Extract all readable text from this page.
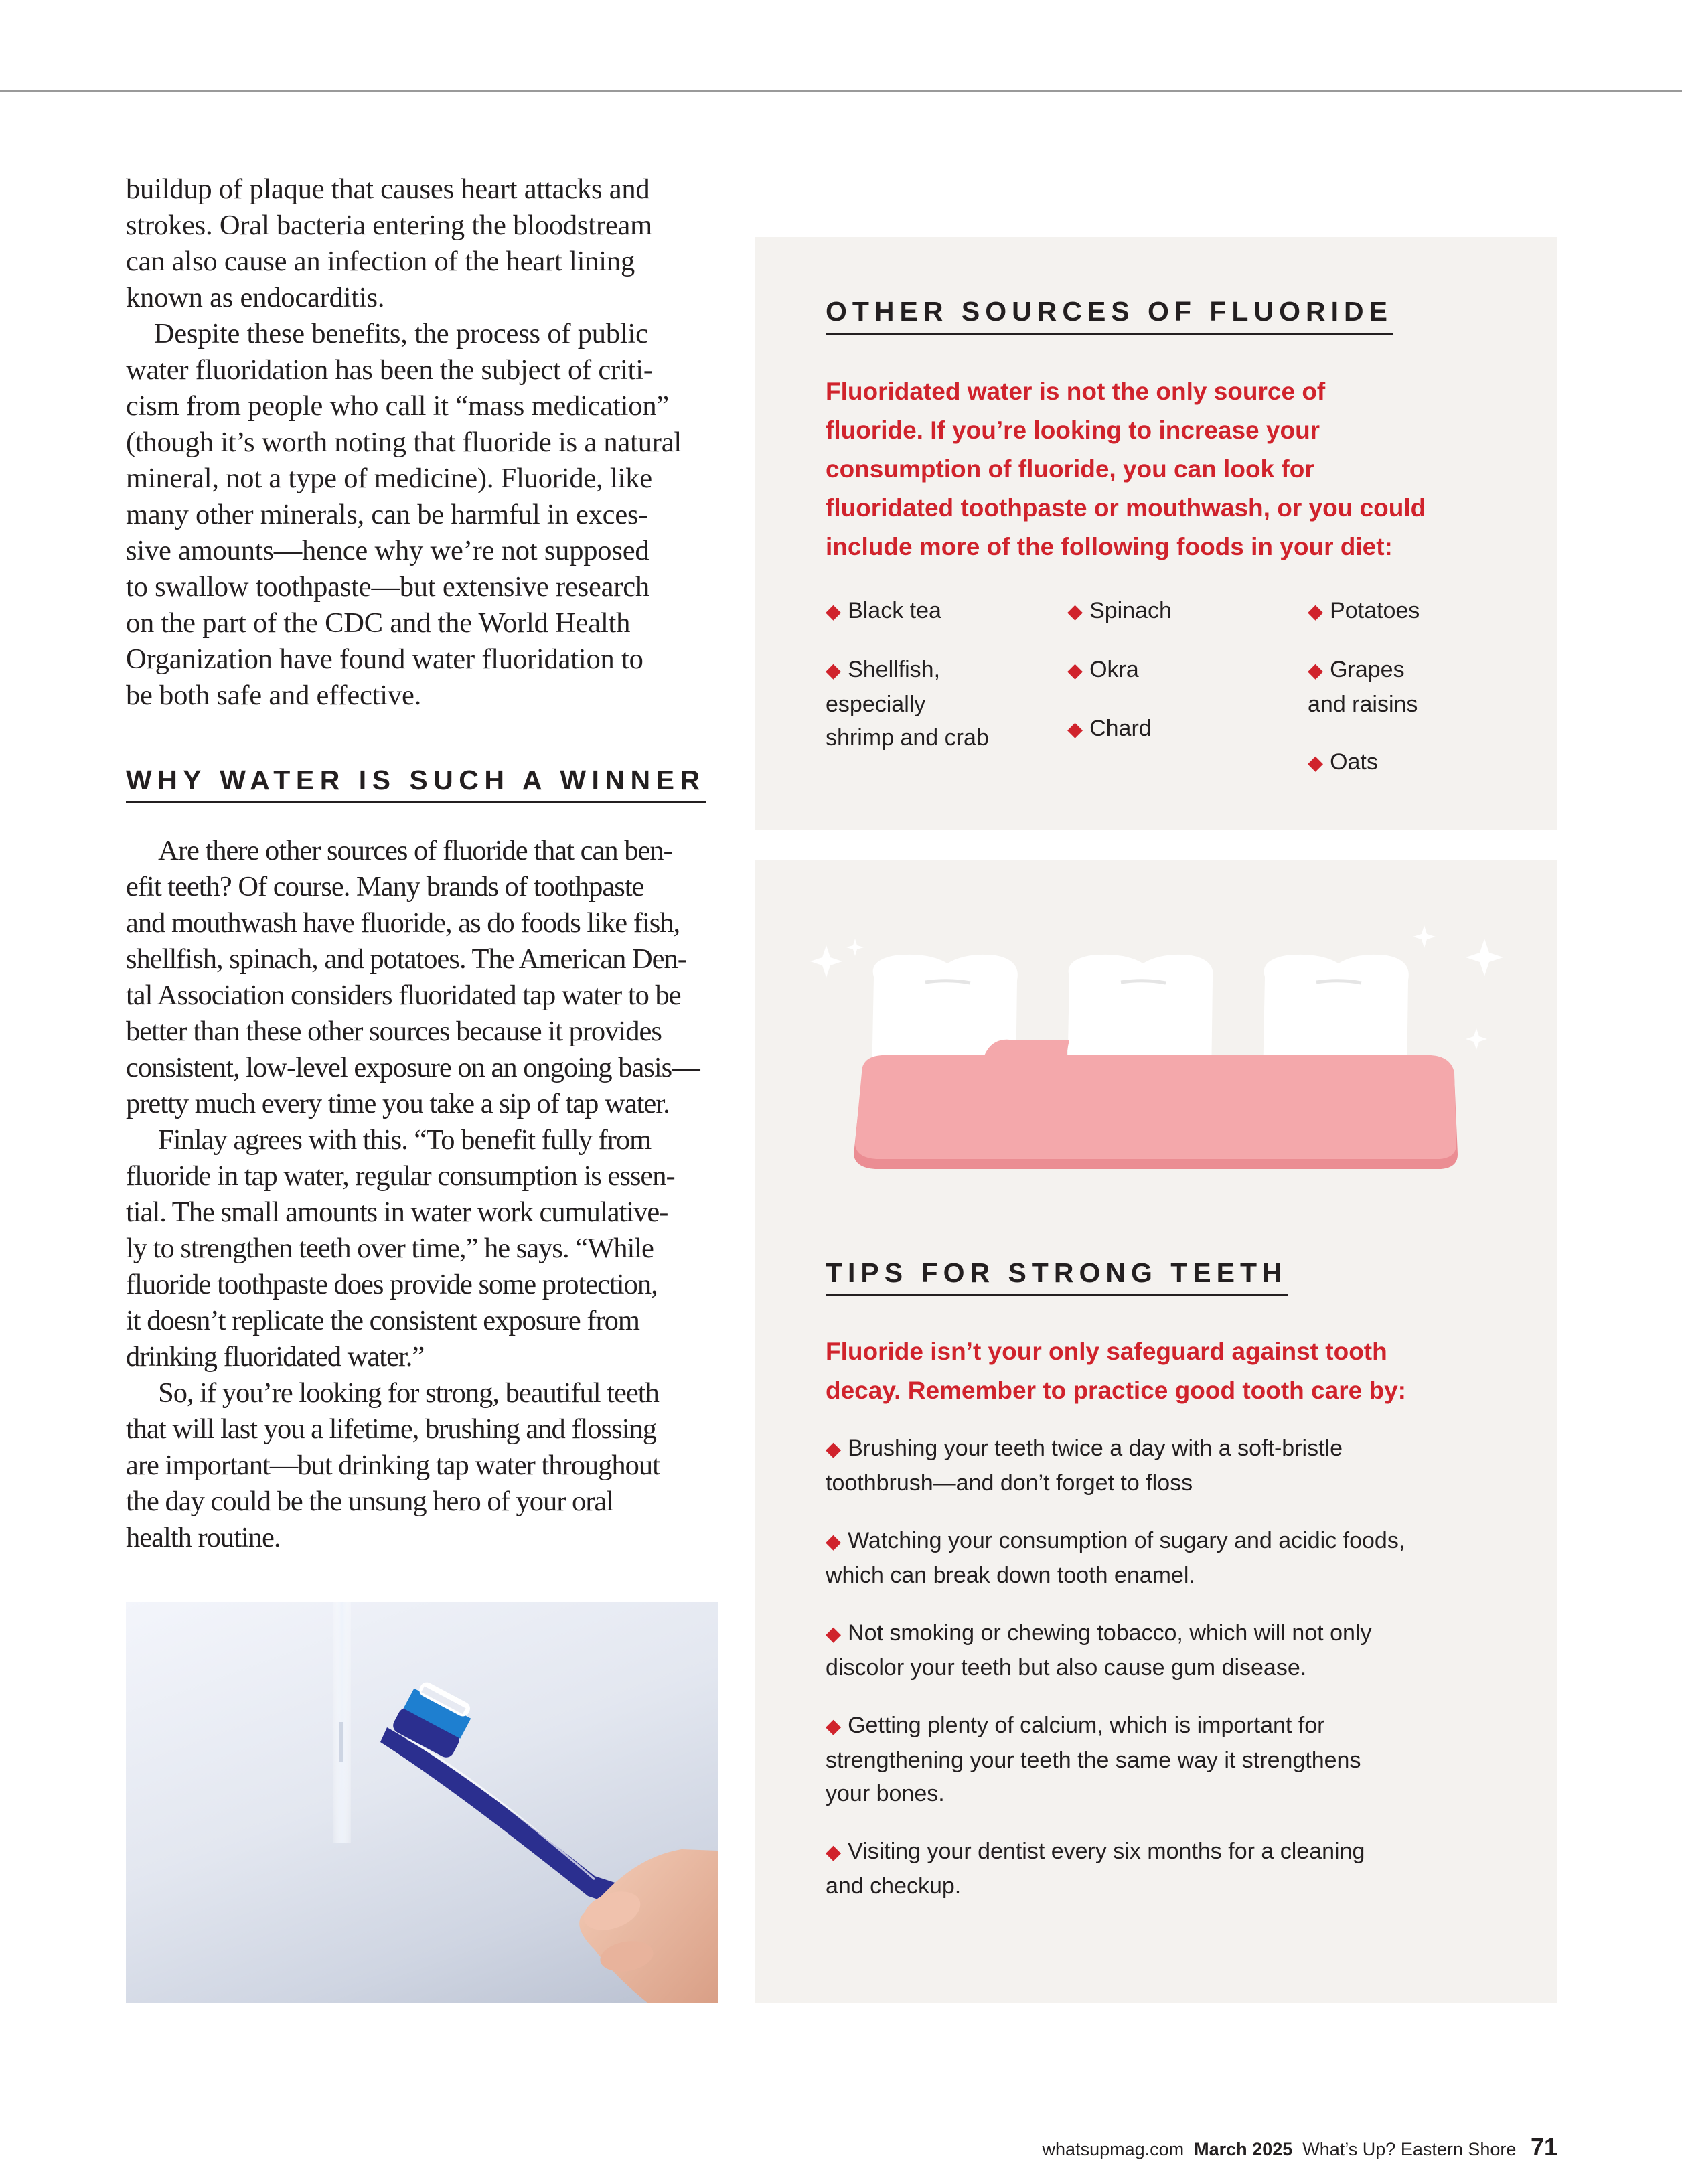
buildup of plaque that causes heart attacks and
strokes. Oral bacteria entering the bloodstream
can also cause an infection of the heart lining
known as endocarditis.

Despite these benefits, the process of public
water fluoridation has been the subject of criti-
cism from people who call it “mass medication”
(though it’s worth noting that fluoride is a natural
mineral, not a type of medicine). Fluoride, like
many other minerals, can be harmful in exces-
sive amounts—hence why we’re not supposed
to swallow toothpaste—but extensive research
on the part of the CDC and the World Health
Organization have found water fluoridation to
be both safe and effective.

WHY WATER IS SUCH A WINNER

Are there other sources of fluoride that can ben-
efit teeth? Of course. Many brands of toothpaste
and mouthwash have fluoride, as do foods like fish,
shellfish, spinach, and potatoes. The American Den-
tal Association considers fluoridated tap water to be
better than these other sources because it provides
consistent, low-level exposure on an ongoing basis—
pretty much every time you take a sip of tap water.

Finlay agrees with this. “To benefit fully from
fluoride in tap water, regular consumption is essen-
tial. The small amounts in water work cumulative-
ly to strengthen teeth over time,” he says. “While
fluoride toothpaste does provide some protection,
it doesn’t replicate the consistent exposure from
drinking fluoridated water.”

So, if you’re looking for strong, beautiful teeth
that will last you a lifetime, brushing and flossing
are important—but drinking tap water throughout
the day could be the unsung hero of your oral
health routine.

OTHER SOURCES OF FLUORIDE
Fluoridated water is not the only source of
fluoride. If you’re looking to increase your
consumption of fluoride, you can look for
fluoridated toothpaste or mouthwash, or you could
include more of the following foods in your diet:
◆ Black tea
◆ Shellfish,
especially
shrimp and crab
◆ Spinach
◆ Okra
◆ Chard
◆ Potatoes
◆ Grapes
and raisins
◆ Oats
TIPS FOR STRONG TEETH
Fluoride isn’t your only safeguard against tooth
decay. Remember to practice good tooth care by:
◆ Brushing your teeth twice a day with a soft-bristle
toothbrush—and don’t forget to floss
◆ Watching your consumption of sugary and acidic foods,
which can break down tooth enamel.
◆ Not smoking or chewing tobacco, which will not only
discolor your teeth but also cause gum disease.
◆ Getting plenty of calcium, which is important for
strengthening your teeth the same way it strengthens
your bones.
◆ Visiting your dentist every six months for a cleaning
and checkup.
whatsupmag.com March 2025 What’s Up? Eastern Shore 71
